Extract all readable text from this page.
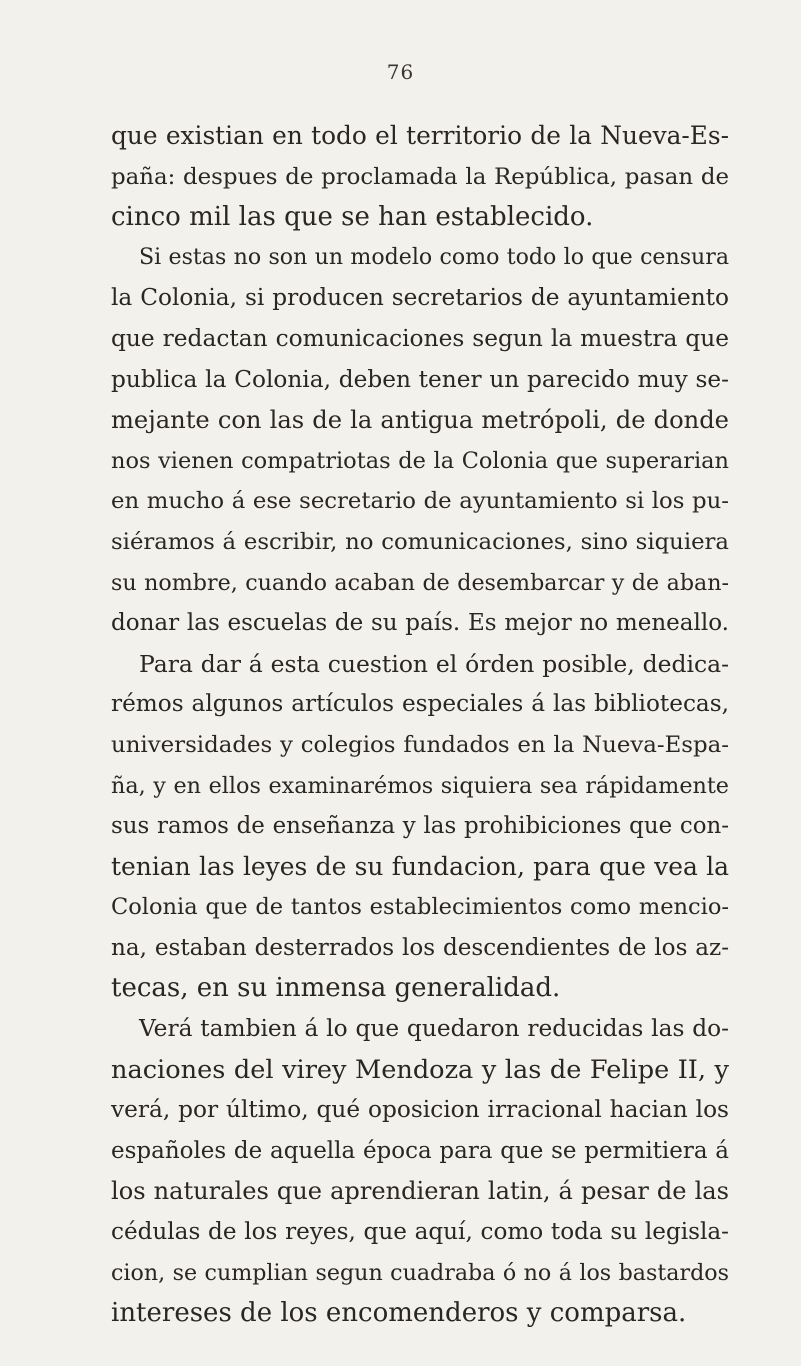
76
que existian en todo el territorio de la Nueva-Es-
paña: despues de proclamada la República, pasan de
cinco mil las que se han establecido.
Si estas no son un modelo como todo lo que censura
la Colonia, si producen secretarios de ayuntamiento
que redactan comunicaciones segun la muestra que
publica la Colonia, deben tener un parecido muy se-
mejante con las de la antigua metrópoli, de donde
nos vienen compatriotas de la Colonia que superarian
en mucho á ese secretario de ayuntamiento si los pu-
siéramos á escribir, no comunicaciones, sino siquiera
su nombre, cuando acaban de desembarcar y de aban-
donar las escuelas de su país. Es mejor no meneallo.
Para dar á esta cuestion el órden posible, dedica-
rémos algunos artículos especiales á las bibliotecas,
universidades y colegios fundados en la Nueva-Espa-
ña, y en ellos examinarémos siquiera sea rápidamente
sus ramos de enseñanza y las prohibiciones que con-
tenian las leyes de su fundacion, para que vea la
Colonia que de tantos establecimientos como mencio-
na, estaban desterrados los descendientes de los az-
tecas, en su inmensa generalidad.
Verá tambien á lo que quedaron reducidas las do-
naciones del virey Mendoza y las de Felipe II, y
verá, por último, qué oposicion irracional hacian los
españoles de aquella época para que se permitiera á
los naturales que aprendieran latin, á pesar de las
cédulas de los reyes, que aquí, como toda su legisla-
cion, se cumplian segun cuadraba ó no á los bastardos
intereses de los encomenderos y comparsa.
